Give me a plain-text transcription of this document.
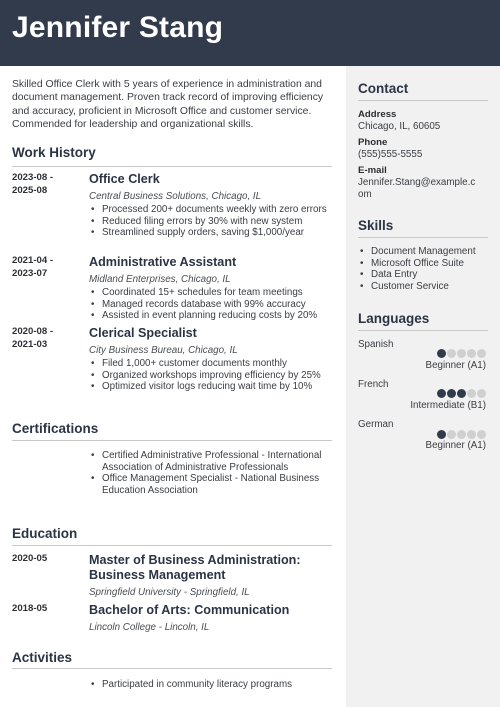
Jennifer Stang

Skilled Office Clerk with 5 years of experience in administration and document management. Proven track record of improving efficiency and accuracy, proficient in Microsoft Office and customer service. Commended for leadership and organizational skills.

Work History
2023-08 -
2025-08
Office Clerk
Central Business Solutions, Chicago, IL
• Processed 200+ documents weekly with zero errors
• Reduced filing errors by 30% with new system
• Streamlined supply orders, saving $1,000/year
2021-04 -
2023-07
Administrative Assistant
Midland Enterprises, Chicago, IL
• Coordinated 15+ schedules for team meetings
• Managed records database with 99% accuracy
• Assisted in event planning reducing costs by 20%
2020-08 -
2021-03
Clerical Specialist
City Business Bureau, Chicago, IL
• Filed 1,000+ customer documents monthly
• Organized workshops improving efficiency by 25%
• Optimized visitor logs reducing wait time by 10%
Certifications
• Certified Administrative Professional - International Association of Administrative Professionals
• Office Management Specialist - National Business Education Association
Education
2020-05	Master of Business Administration: Business Management
Springfield University - Springfield, IL
2018-05	Bachelor of Arts: Communication
Lincoln College - Lincoln, IL
Activities
• Participated in community literacy programs
Contact
Address
Chicago, IL, 60605
Phone
(555)555-5555
E-mail
Jennifer.Stang@example.c
om
Skills
• Document Management
• Microsoft Office Suite
• Data Entry
• Customer Service
Languages
Spanish
Beginner (A1)
French
Intermediate (B1)
German
Beginner (A1)
